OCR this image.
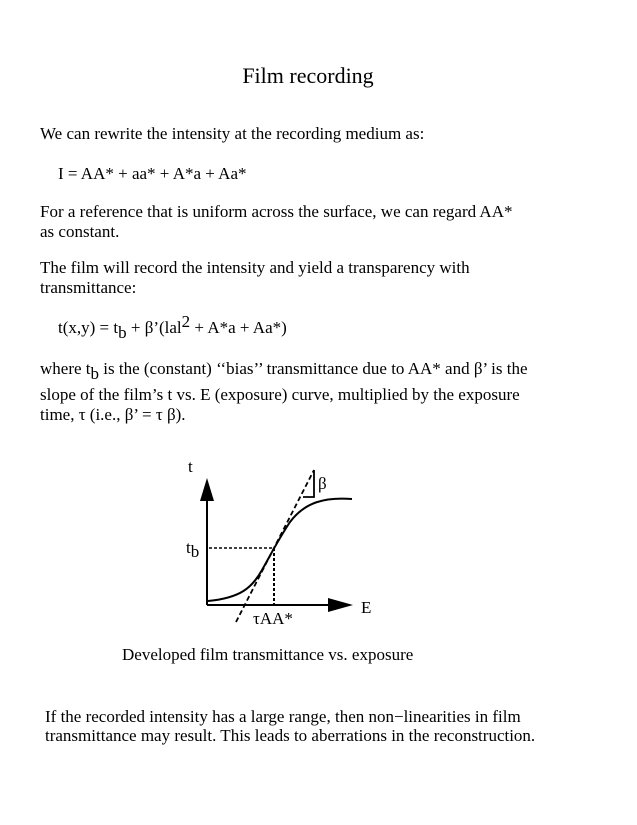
Film recording
We can rewrite the intensity at the recording medium as:
I = AA* + aa* + A*a + Aa*
For a reference that is uniform across the surface, we can regard AA*
as constant.
The film will record the intensity and yield a transparency with
transmittance:
$t(x,y) = t_b$ + β’(lal$^2$ + A*a + Aa*)
where $t_b$ is the (constant) ‘‘bias’’ transmittance due to AA* and β’ is the
slope of the film’s t vs. E (exposure) curve, multiplied by the exposure
time, τ (i.e., β’ = τ β).
t
E
tb
τAA*
β
Developed film transmittance vs. exposure
If the recorded intensity has a large range, then non−linearities in film
transmittance may result. This leads to aberrations in the reconstruction.
